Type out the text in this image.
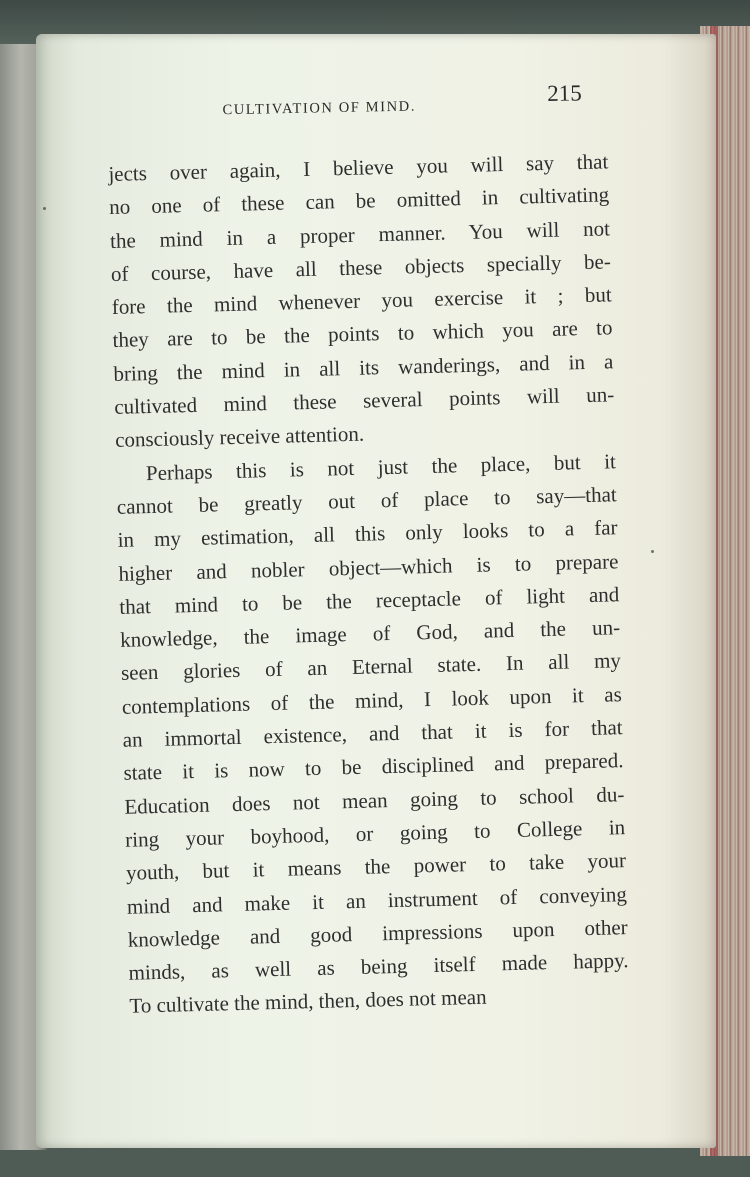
CULTIVATION OF MIND.
215
jects over again, I believe you will say that
no one of these can be omitted in cultivating
the mind in a proper manner. You will not
of course, have all these objects specially be-
fore the mind whenever you exercise it ; but
they are to be the points to which you are to
bring the mind in all its wanderings, and in a
cultivated mind these several points will un-
consciously receive attention.
Perhaps this is not just the place, but it
cannot be greatly out of place to say—that
in my estimation, all this only looks to a far
higher and nobler object—which is to prepare
that mind to be the receptacle of light and
knowledge, the image of God, and the un-
seen glories of an Eternal state. In all my
contemplations of the mind, I look upon it as
an immortal existence, and that it is for that
state it is now to be disciplined and prepared.
Education does not mean going to school du-
ring your boyhood, or going to College in
youth, but it means the power to take your
mind and make it an instrument of conveying
knowledge and good impressions upon other
minds, as well as being itself made happy.
To cultivate the mind, then, does not mean
